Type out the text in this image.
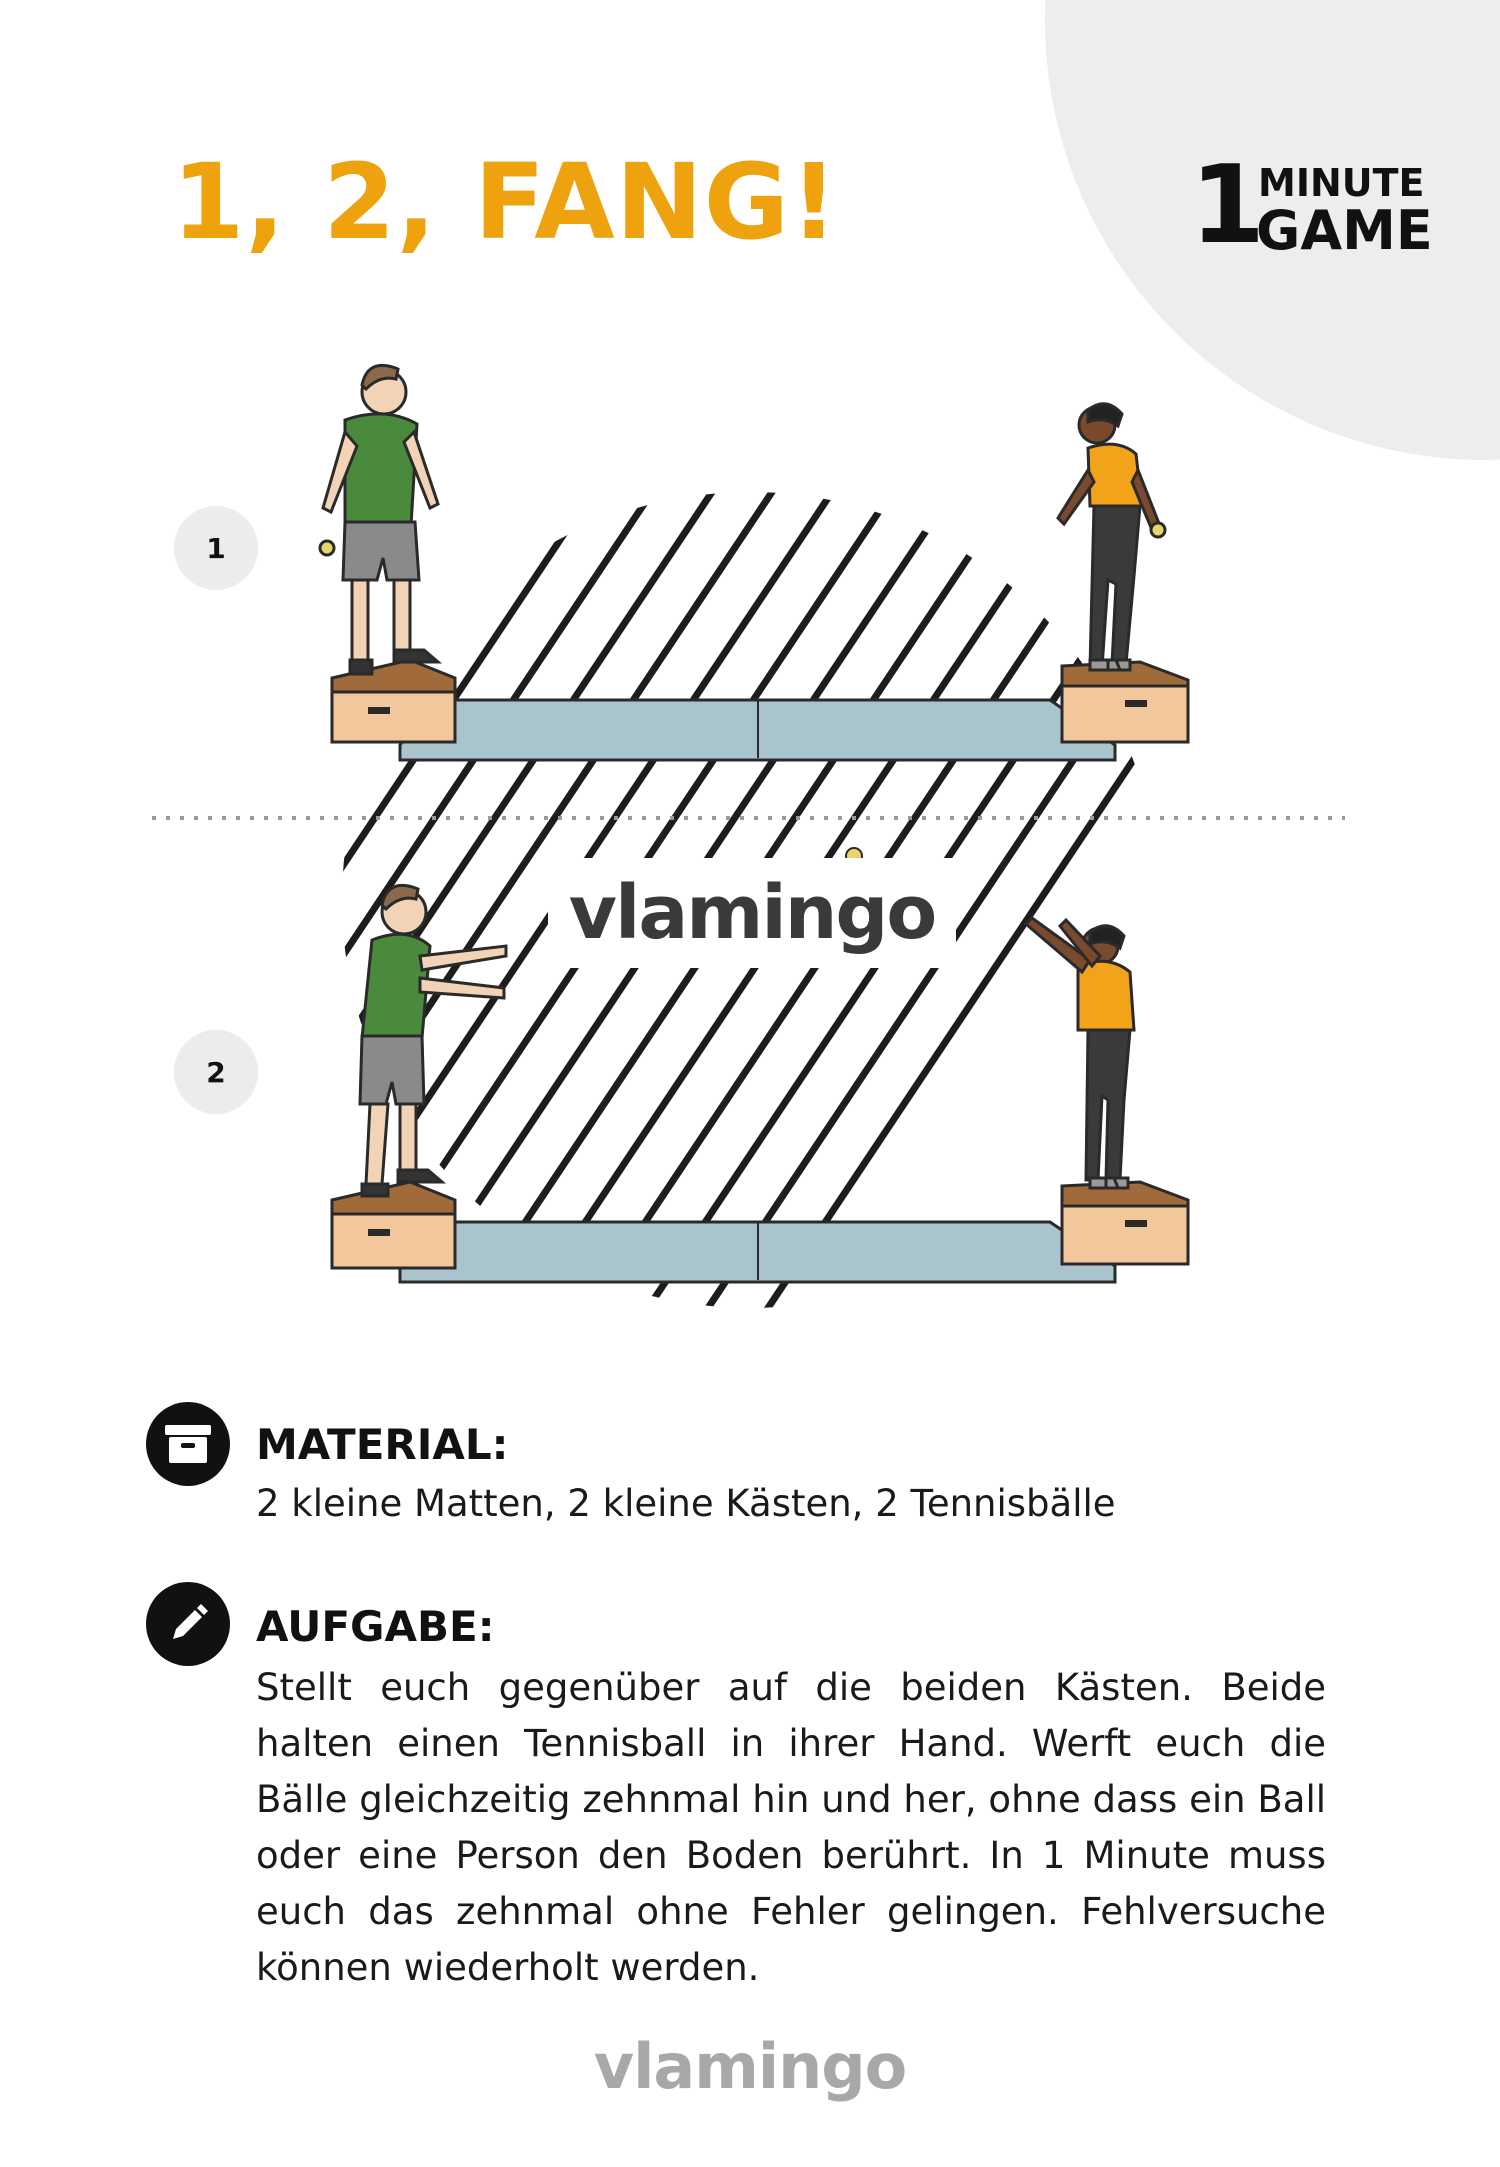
1, 2, FANG!	1
MINUTE
GAME
1
2
vlamingo
MATERIAL:
2 kleine Matten, 2 kleine Kästen, 2 Tennisbälle
AUFGABE:
Stellt euch gegenüber auf die beiden Kästen. Beide halten einen Tennisball in ihrer Hand. Werft euch die Bälle gleichzeitig zehnmal hin und her, ohne dass ein Ball oder eine Person den Boden berührt. In 1 Minute muss euch das zehnmal ohne Fehler gelingen. Fehlversuche können wiederholt werden.
vlamingo
